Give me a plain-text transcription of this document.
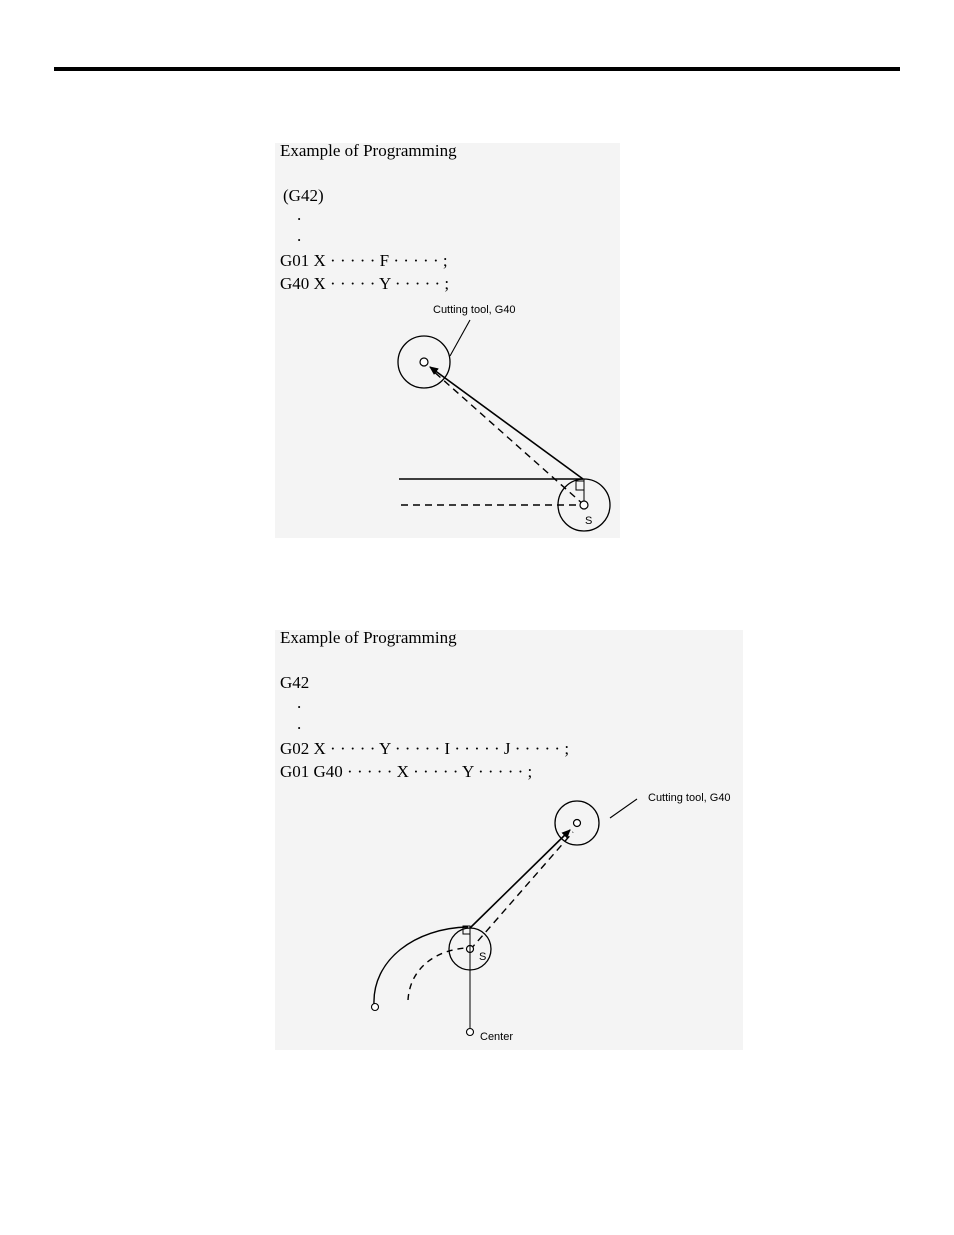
Example of Programming
(G42)
.
.
G01 X · · · · · F · · · · · ;
G40 X · · · · · Y · · · · · ;
Cutting tool, G40
S
Example of Programming
G42
.
.
G02 X · · · · · Y · · · · · I · · · · · J · · · · · ;
G01 G40 · · · · · X · · · · · Y · · · · · ;
Cutting tool, G40
S
Center
